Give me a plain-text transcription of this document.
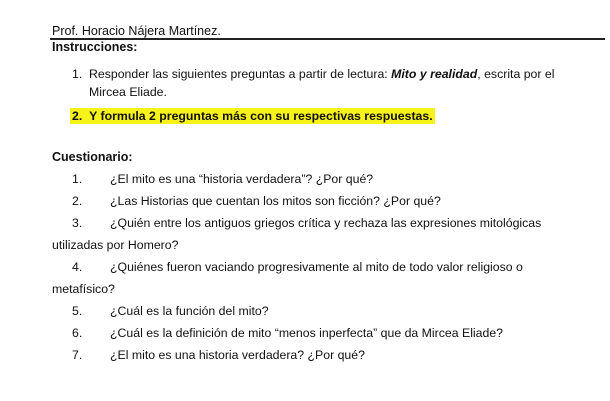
Prof. Horacio Nájera Martínez.
Instrucciones:
1. Responder las siguientes preguntas a partir de lectura: Mito y realidad, escrita por el
Mircea Eliade.
2. Y formula 2 preguntas más con su respectivas respuestas.
Cuestionario:
1. ¿El mito es una “historia verdadera”? ¿Por qué?
2. ¿Las Historias que cuentan los mitos son ficción? ¿Por qué?
3. ¿Quién entre los antiguos griegos crítica y rechaza las expresiones mitológicas
utilizadas por Homero?
4. ¿Quiénes fueron vaciando progresivamente al mito de todo valor religioso o
metafísico?
5. ¿Cuál es la función del mito?
6. ¿Cuál es la definición de mito “menos inperfecta” que da Mircea Eliade?
7. ¿El mito es una historia verdadera? ¿Por qué?
